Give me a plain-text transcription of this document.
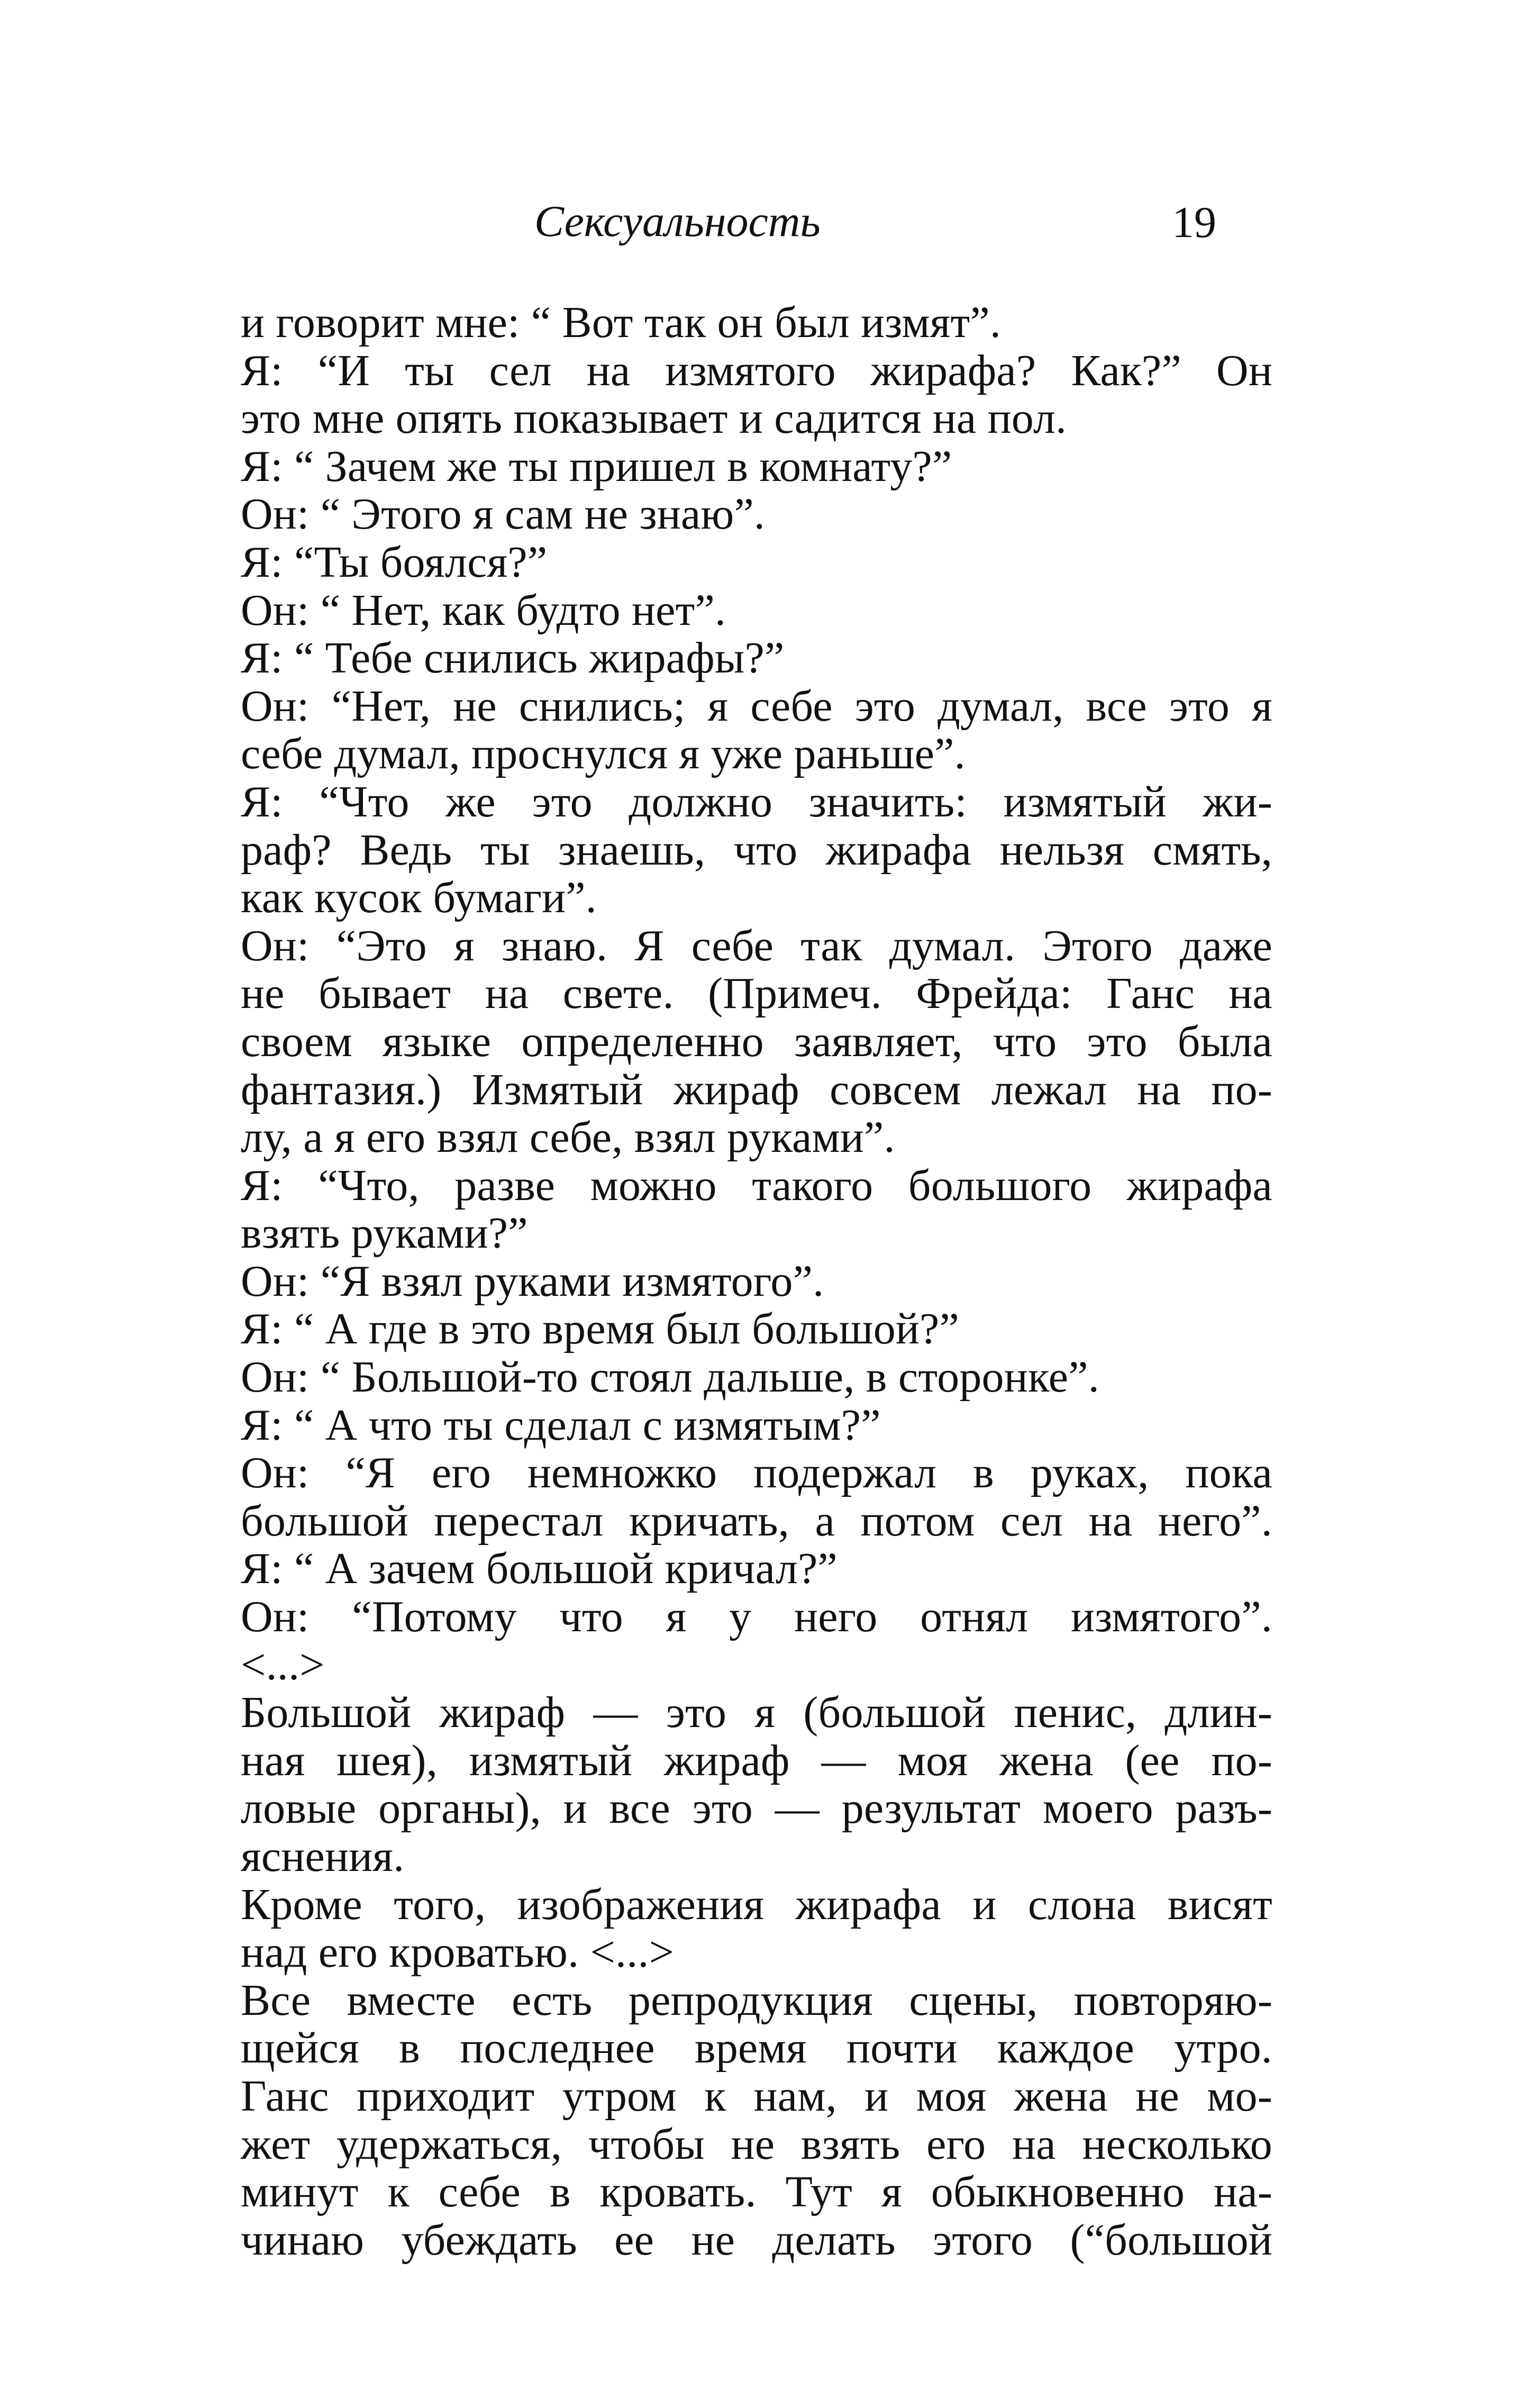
Сексуальность	19
и говорит мне: “ Вот так он был измят”.
Я: “И ты сел на измятого жирафа? Как?” Он
это мне опять показывает и садится на пол.
Я: “ Зачем же ты пришел в комнату?”
Он: “ Этого я сам не знаю”.
Я: “Ты боялся?”
Он: “ Нет, как будто нет”.
Я: “ Тебе снились жирафы?”
Он: “Нет, не снились; я себе это думал, все это я
себе думал, проснулся я уже раньше”.
Я: “Что же это должно значить: измятый жи-
раф? Ведь ты знаешь, что жирафа нельзя смять,
как кусок бумаги”.
Он: “Это я знаю. Я себе так думал. Этого даже
не бывает на свете. (Примеч. Фрейда: Ганс на
своем языке определенно заявляет, что это была
фантазия.) Измятый жираф совсем лежал на по-
лу, а я его взял себе, взял руками”.
Я: “Что, разве можно такого большого жирафа
взять руками?”
Он: “Я взял руками измятого”.
Я: “ А где в это время был большой?”
Он: “ Большой-то стоял дальше, в сторонке”.
Я: “ А что ты сделал с измятым?”
Он: “Я его немножко подержал в руках, пока
большой перестал кричать, а потом сел на него”.
Я: “ А зачем большой кричал?”
Он: “Потому что я у него отнял измятого”.
<...>
Большой жираф — это я (большой пенис, длин-
ная шея), измятый жираф — моя жена (ее по-
ловые органы), и все это — результат моего разъ-
яснения.
Кроме того, изображения жирафа и слона висят
над его кроватью. <...>
Все вместе есть репродукция сцены, повторяю-
щейся в последнее время почти каждое утро.
Ганс приходит утром к нам, и моя жена не мо-
жет удержаться, чтобы не взять его на несколько
минут к себе в кровать. Тут я обыкновенно на-
чинаю убеждать ее не делать этого (“большой
